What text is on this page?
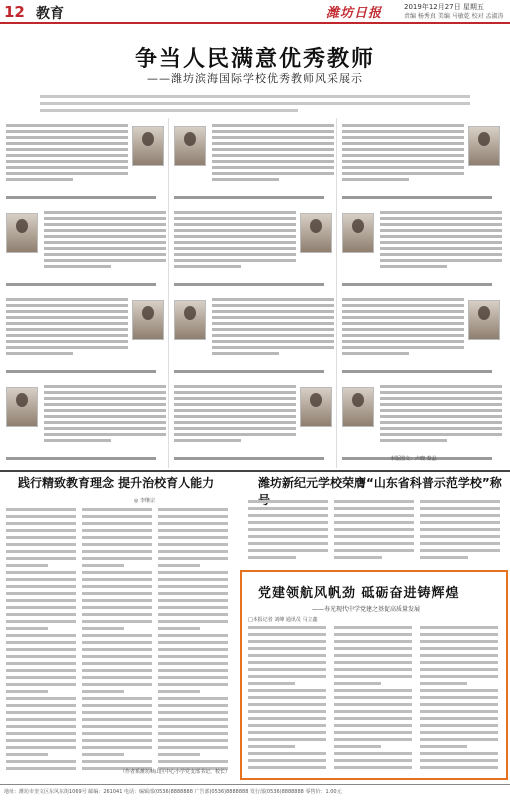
12 教育	潍坊日报	2019年12月27日 星期五
责编 杨秀真 美编 马敏乾 校对 孟淑涛
争当人民满意优秀教师
——潍坊滨海国际学校优秀教师风采展示
本版图文：卢晓 秦晶
践行精致教育理念 提升治校育人能力
◎ 李继宗
潍坊新纪元学校荣膺“山东省科普示范学校”称
党建领航风帆劲 砥砺奋进铸辉煌
——寿光现代中学党建之基促高质量发展
□本报记者 刘峰 通讯员 马立鑫
（作者系潍坊峡山区中心小学党支部书记、校长）
地址：潍坊市奎文区东风东街1069号 邮编：261041 电话：编辑部(0536)8888888 广告部(0536)8888888 发行部(0536)8888888 零售价：1.00元
